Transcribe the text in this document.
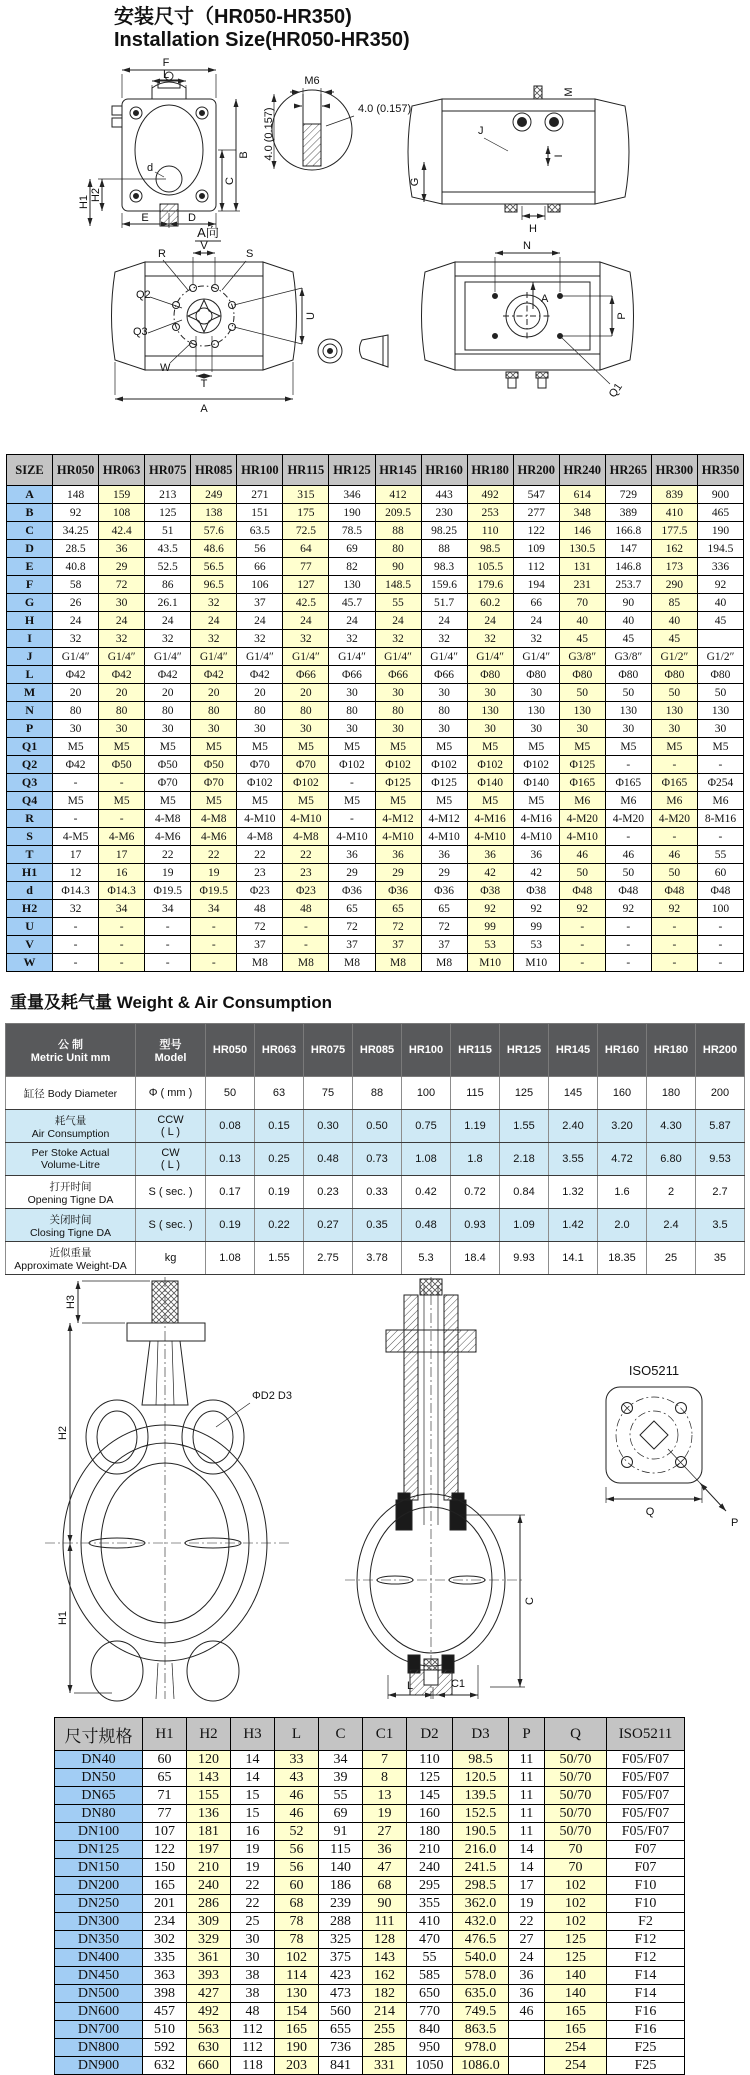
安装尺寸（HR050-HR350)
Installation Size(HR050-HR350)
F
L
B
C
d
H2
H1
E	D
M6
4.0 (0.157)
4.0 (0.157)
M
J
I
G
H
A
A向
V
R	S
Q2
Q3
W
T
A
U
N
P
Q1
SIZE	HR050	HR063	HR075	HR085	HR100	HR115	HR125	HR145	HR160	HR180	HR200	HR240	HR265	HR300	HR350
A	148	159	213	249	271	315	346	412	443	492	547	614	729	839	900
B	92	108	125	138	151	175	190	209.5	230	253	277	348	389	410	465
C	34.25	42.4	51	57.6	63.5	72.5	78.5	88	98.25	110	122	146	166.8	177.5	190
D	28.5	36	43.5	48.6	56	64	69	80	88	98.5	109	130.5	147	162	194.5
E	40.8	29	52.5	56.5	66	77	82	90	98.3	105.5	112	131	146.8	173	336
F	58	72	86	96.5	106	127	130	148.5	159.6	179.6	194	231	253.7	290	92
G	26	30	26.1	32	37	42.5	45.7	55	51.7	60.2	66	70	90	85	40
H	24	24	24	24	24	24	24	24	24	24	24	40	40	40	45
I	32	32	32	32	32	32	32	32	32	32	32	45	45	45	
J	G1/4″	G1/4″	G1/4″	G1/4″	G1/4″	G1/4″	G1/4″	G1/4″	G1/4″	G1/4″	G1/4″	G3/8″	G3/8″	G1/2″	G1/2″
L	Φ42	Φ42	Φ42	Φ42	Φ42	Φ66	Φ66	Φ66	Φ66	Φ80	Φ80	Φ80	Φ80	Φ80	Φ80
M	20	20	20	20	20	20	30	30	30	30	30	50	50	50	50
N	80	80	80	80	80	80	80	80	80	130	130	130	130	130	130
P	30	30	30	30	30	30	30	30	30	30	30	30	30	30	30
Q1	M5	M5	M5	M5	M5	M5	M5	M5	M5	M5	M5	M5	M5	M5	M5
Q2	Φ42	Φ50	Φ50	Φ50	Φ70	Φ70	Φ102	Φ102	Φ102	Φ102	Φ102	Φ125	-	-	-
Q3	-	-	Φ70	Φ70	Φ102	Φ102	-	Φ125	Φ125	Φ140	Φ140	Φ165	Φ165	Φ165	Φ254
Q4	M5	M5	M5	M5	M5	M5	M5	M5	M5	M5	M5	M6	M6	M6	M6
R	-	-	4-M8	4-M8	4-M10	4-M10	-	4-M12	4-M12	4-M16	4-M16	4-M20	4-M20	4-M20	8-M16
S	4-M5	4-M6	4-M6	4-M6	4-M8	4-M8	4-M10	4-M10	4-M10	4-M10	4-M10	4-M10	-	-	-
T	17	17	22	22	22	22	36	36	36	36	36	46	46	46	55
H1	12	16	19	19	23	23	29	29	29	42	42	50	50	50	60
d	Φ14.3	Φ14.3	Φ19.5	Φ19.5	Φ23	Φ23	Φ36	Φ36	Φ36	Φ38	Φ38	Φ48	Φ48	Φ48	Φ48
H2	32	34	34	34	48	48	65	65	65	92	92	92	92	92	100
U	-	-	-	-	72	-	72	72	72	99	99	-	-	-	-
V	-	-	-	-	37	-	37	37	37	53	53	-	-	-	-
W	-	-	-	-	M8	M8	M8	M8	M8	M10	M10	-	-	-	-
重量及耗气量 Weight & Air Consumption
公 制
Metric Unit mm

型号
Model
	HR050	HR063	HR075	HR085	HR100	HR115	HR125	HR145	HR160	HR180	HR200

缸径 Body Diameter	Φ ( mm )	50	63	75	88	100	115	125	145	160	180	200

耗气量
Air Consumption

CCW
( L )	0.08	0.15	0.30	0.50	0.75	1.19	1.55	2.40	3.20	4.30	5.87

Per Stoke Actual
Volume-Litre

CW
( L )	0.13	0.25	0.48	0.73	1.08	1.8	2.18	3.55	4.72	6.80	9.53

打开时间
Opening Tigne DA	S ( sec. )	0.17	0.19	0.23	0.33	0.42	0.72	0.84	1.32	1.6	2	2.7

关闭时间
Closing Tigne DA	S ( sec. )	0.19	0.22	0.27	0.35	0.48	0.93	1.09	1.42	2.0	2.4	3.5

近似重量
Approximate Weight-DA	kg	1.08	1.55	2.75	3.78	5.3	18.4	9.93	14.1	18.35	25	35
H3
H2
H1
ΦD2 D3
L	C1
C
ISO5211
Q
P
尺寸规格	H1	H2	H3	L	C	C1	D2	D3	P	Q	ISO5211
DN40	60	120	14	33	34	7	110	98.5	11	50/70	F05/F07
DN50	65	143	14	43	39	8	125	120.5	11	50/70	F05/F07
DN65	71	155	15	46	55	13	145	139.5	11	50/70	F05/F07
DN80	77	136	15	46	69	19	160	152.5	11	50/70	F05/F07
DN100	107	181	16	52	91	27	180	190.5	11	50/70	F05/F07
DN125	122	197	19	56	115	36	210	216.0	14	70	F07
DN150	150	210	19	56	140	47	240	241.5	14	70	F07
DN200	165	240	22	60	186	68	295	298.5	17	102	F10
DN250	201	286	22	68	239	90	355	362.0	19	102	F10
DN300	234	309	25	78	288	111	410	432.0	22	102	F2
DN350	302	329	30	78	325	128	470	476.5	27	125	F12
DN400	335	361	30	102	375	143	55	540.0	24	125	F12
DN450	363	393	38	114	423	162	585	578.0	36	140	F14
DN500	398	427	38	130	473	182	650	635.0	36	140	F14
DN600	457	492	48	154	560	214	770	749.5	46	165	F16
DN700	510	563	112	165	655	255	840	863.5		165	F16
DN800	592	630	112	190	736	285	950	978.0		254	F25
DN900	632	660	118	203	841	331	1050	1086.0		254	F25
